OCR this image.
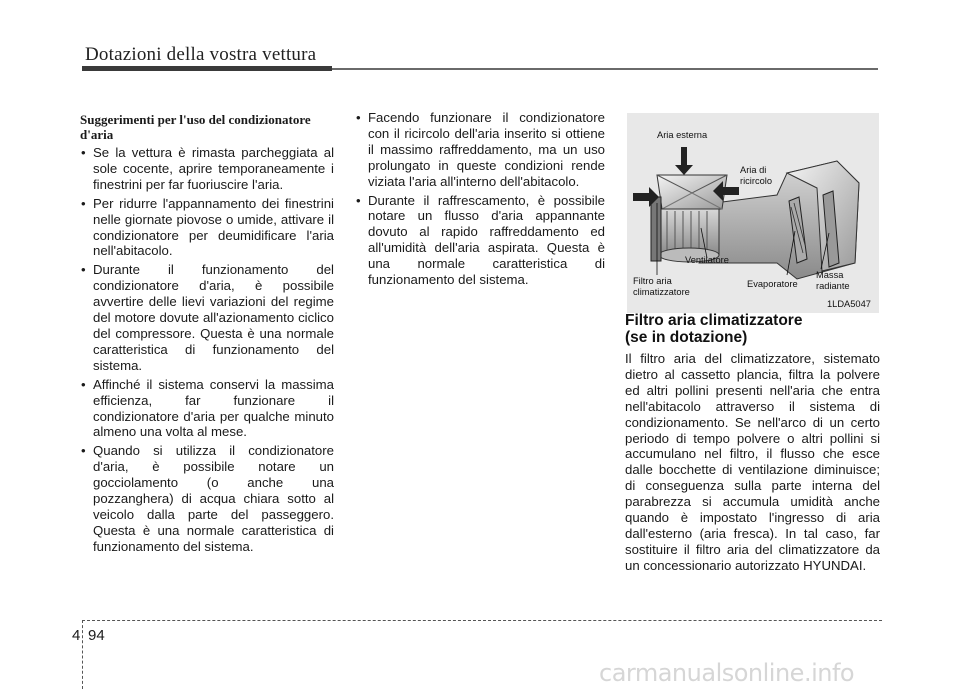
Dotazioni della vostra vettura
Suggerimenti per l'uso del condizionatore d'aria
• Se la vettura è rimasta parcheggiata al sole cocente, aprire temporaneamente i finestrini per far fuoriuscire l'aria.
• Per ridurre l'appannamento dei finestrini nelle giornate piovose o umide, attivare il condizionatore per deumidificare l'aria nell'abitacolo.
• Durante il funzionamento del condizionatore d'aria, è possibile avvertire delle lievi variazioni del regime del motore dovute all'azionamento ciclico del compressore. Questa è una normale caratteristica di funzionamento del sistema.
• Affinché il sistema conservi la massima efficienza, far funzionare il condizionatore d'aria per qualche minuto almeno una volta al mese.
• Quando si utilizza il condizionatore d'aria, è possibile notare un gocciolamento (o anche una pozzanghera) di acqua chiara sotto al veicolo dalla parte del passeggero. Questa è una normale caratteristica di funzionamento del sistema.
• Facendo funzionare il condizionatore con il ricircolo dell'aria inserito si ottiene il massimo raffreddamento, ma un uso prolungato in queste condizioni rende viziata l'aria all'interno dell'abitacolo.
• Durante il raffrescamento, è possibile notare un flusso d'aria appannante dovuto al rapido raffreddamento ed all'umidità dell'aria aspirata. Questa è una normale caratteristica di funzionamento del sistema.
Aria esterna
Aria di ricircolo
Ventilatore
Filtro aria climatizzatore
Evaporatore
Massa radiante
1LDA5047
Filtro aria climatizzatore
(se in dotazione)
Il filtro aria del climatizzatore, sistemato dietro al cassetto plancia, filtra la polvere ed altri pollini presenti nell'aria che entra nell'abitacolo attraverso il sistema di condizionamento. Se nell'arco di un certo periodo di tempo polvere o altri pollini si accumulano nel filtro, il flusso che esce dalle bocchette di ventilazione diminuisce; di conseguenza sulla parte interna del parabrezza si accumula umidità anche quando è impostato l'ingresso di aria dall'esterno (aria fresca). In tal caso, far sostituire il filtro aria del climatizzatore da un concessionario autorizzato HYUNDAI.
4 94
carmanualsonline.info
